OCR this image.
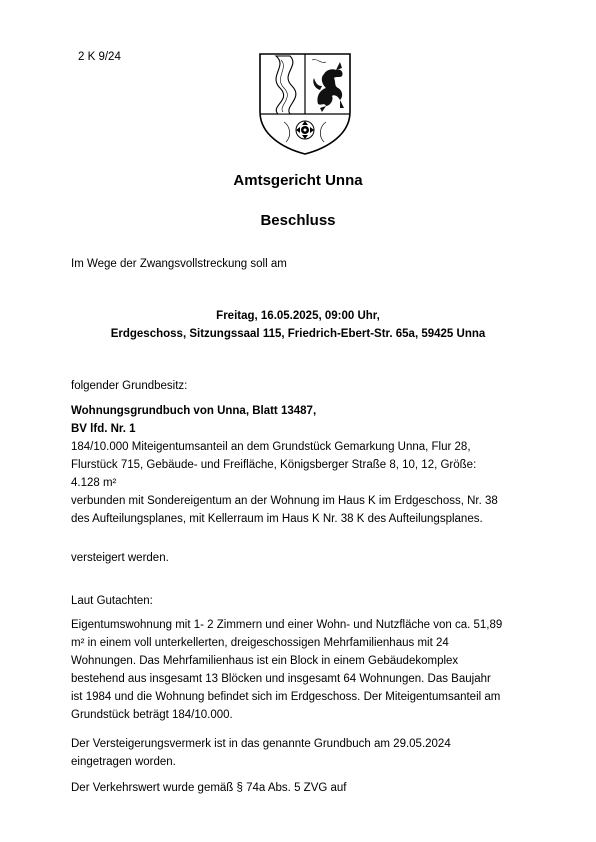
2 K 9/24
Amtsgericht Unna
Beschluss
Im Wege der Zwangsvollstreckung soll am
Freitag, 16.05.2025, 09:00 Uhr,
Erdgeschoss, Sitzungssaal 115, Friedrich-Ebert-Str. 65a, 59425 Unna
folgender Grundbesitz:
Wohnungsgrundbuch von Unna, Blatt 13487,
BV lfd. Nr. 1
184/10.000 Miteigentumsanteil an dem Grundstück Gemarkung Unna, Flur 28,
Flurstück 715, Gebäude- und Freifläche, Königsberger Straße 8, 10, 12, Größe:
4.128 m²
verbunden mit Sondereigentum an der Wohnung im Haus K im Erdgeschoss, Nr. 38
des Aufteilungsplanes, mit Kellerraum im Haus K Nr. 38 K des Aufteilungsplanes.
versteigert werden.
Laut Gutachten:
Eigentumswohnung mit 1- 2 Zimmern und einer Wohn- und Nutzfläche von ca. 51,89
m² in einem voll unterkellerten, dreigeschossigen Mehrfamilienhaus mit 24
Wohnungen. Das Mehrfamilienhaus ist ein Block in einem Gebäudekomplex
bestehend aus insgesamt 13 Blöcken und insgesamt 64 Wohnungen. Das Baujahr
ist 1984 und die Wohnung befindet sich im Erdgeschoss. Der Miteigentumsanteil am
Grundstück beträgt 184/10.000.
Der Versteigerungsvermerk ist in das genannte Grundbuch am 29.05.2024
eingetragen worden.
Der Verkehrswert wurde gemäß § 74a Abs. 5 ZVG auf
